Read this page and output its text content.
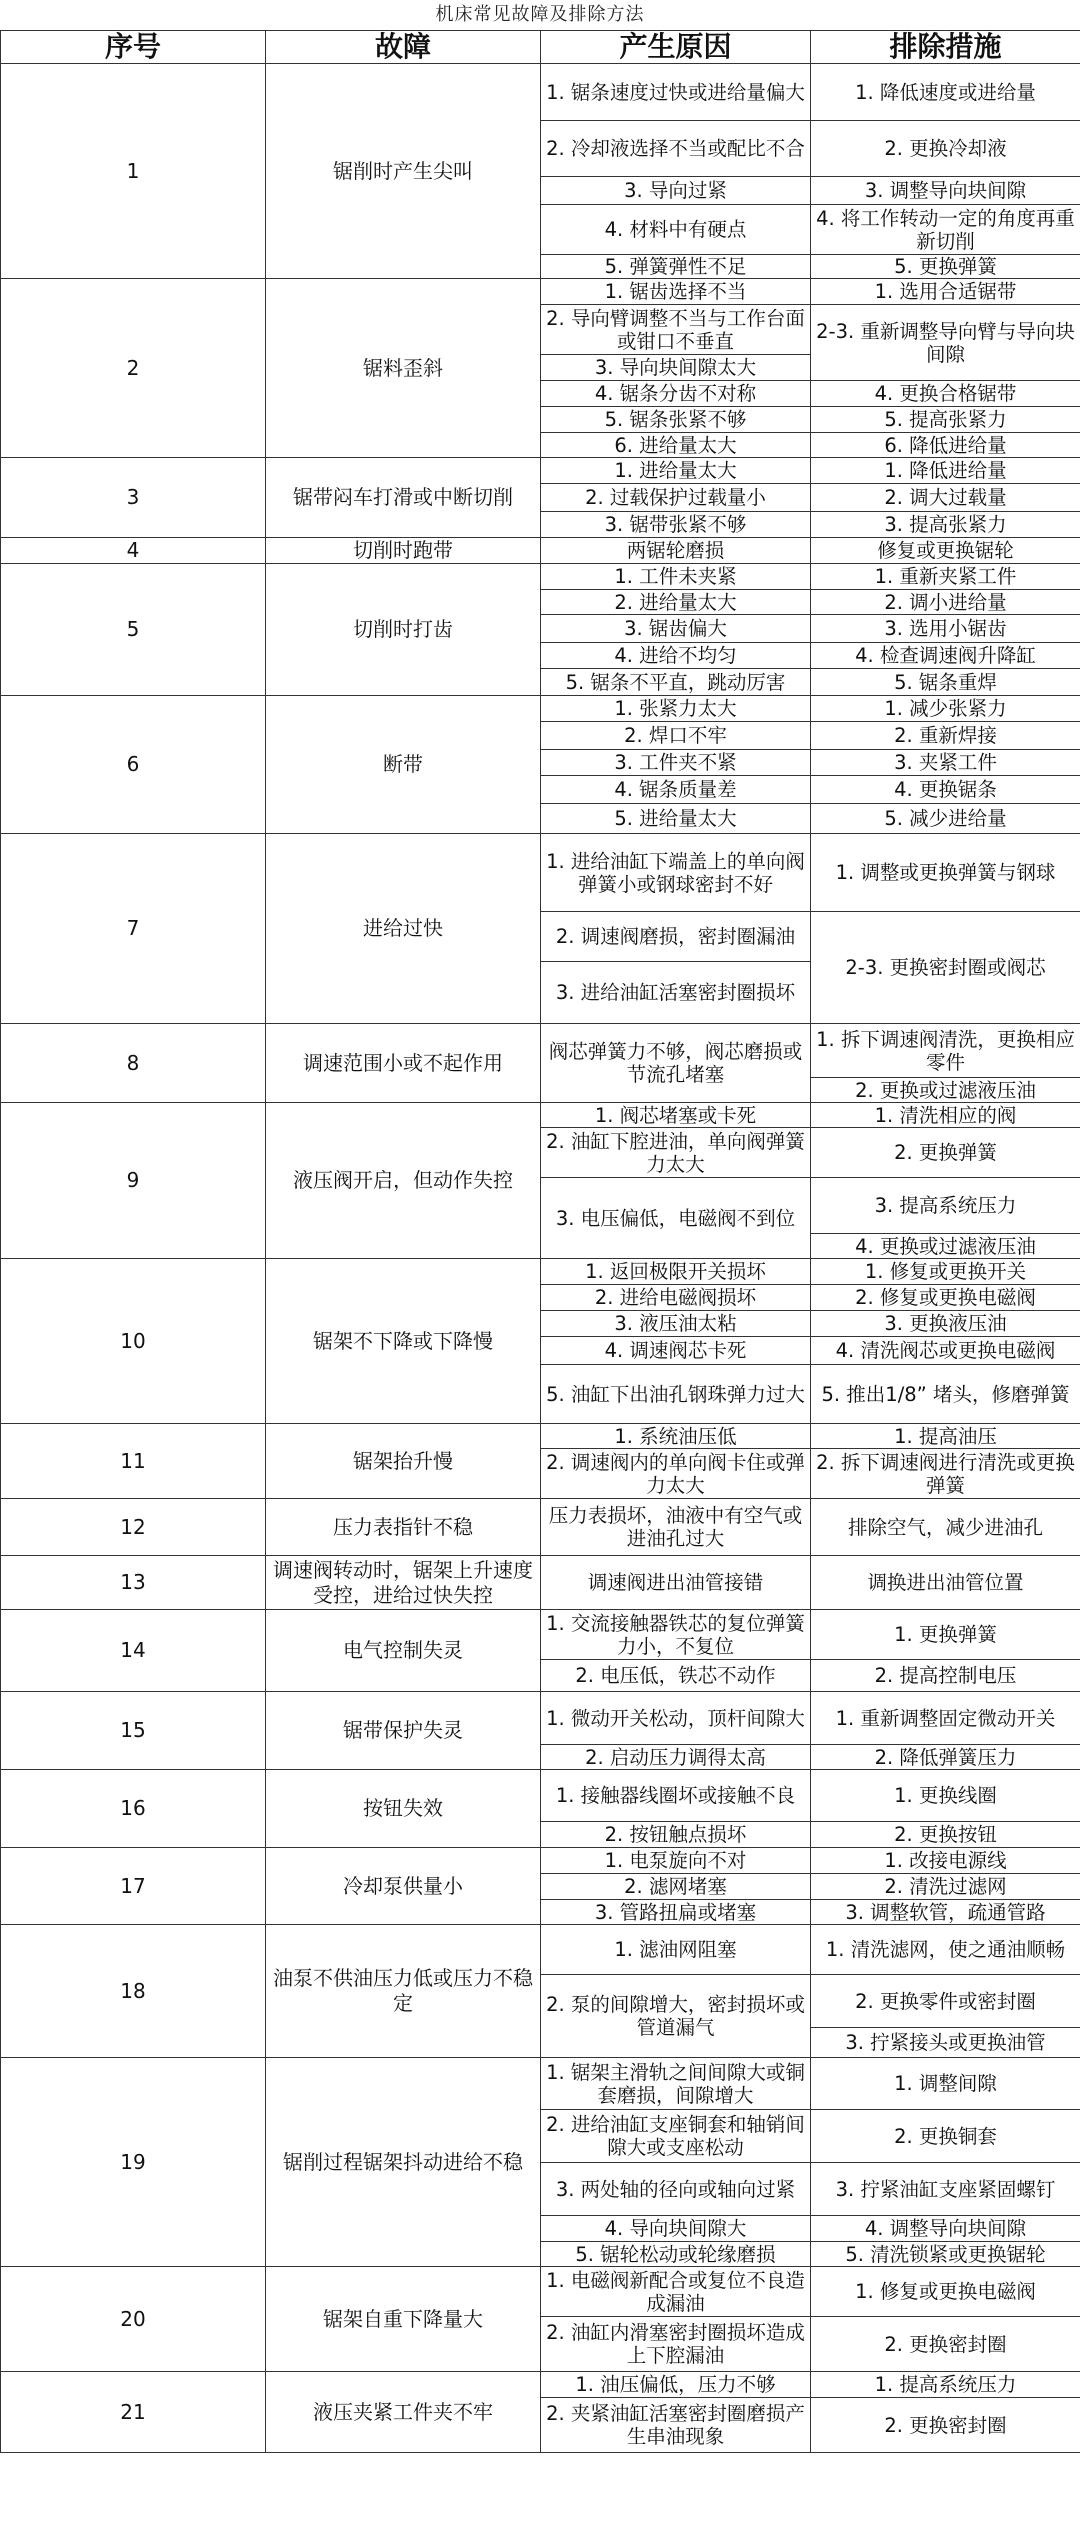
机床常见故障及排除方法
序号	故障	产生原因	排除措施
1	锯削时产生尖叫	1. 锯条速度过快或进给量偏大	1. 降低速度或进给量
		2. 冷却液选择不当或配比不合	2. 更换冷却液
		3. 导向过紧	3. 调整导向块间隙
		4. 材料中有硬点	4. 将工作转动一定的角度再重新切削
		5. 弹簧弹性不足	5. 更换弹簧
2	锯料歪斜	1. 锯齿选择不当	1. 选用合适锯带
		2. 导向臂调整不当与工作台面或钳口不垂直	2-3. 重新调整导向臂与导向块间隙
		3. 导向块间隙太大	
		4. 锯条分齿不对称	4. 更换合格锯带
		5. 锯条张紧不够	5. 提高张紧力
		6. 进给量太大	6. 降低进给量
3	锯带闷车打滑或中断切削	1. 进给量太大	1. 降低进给量
		2. 过载保护过载量小	2. 调大过载量
		3. 锯带张紧不够	3. 提高张紧力
4	切削时跑带	两锯轮磨损	修复或更换锯轮
5	切削时打齿	1. 工件未夹紧	1. 重新夹紧工件
		2. 进给量太大	2. 调小进给量
		3. 锯齿偏大	3. 选用小锯齿
		4. 进给不均匀	4. 检查调速阀升降缸
		5. 锯条不平直，跳动厉害	5. 锯条重焊
6	断带	1. 张紧力太大	1. 减少张紧力
		2. 焊口不牢	2. 重新焊接
		3. 工件夹不紧	3. 夹紧工件
		4. 锯条质量差	4. 更换锯条
		5. 进给量太大	5. 减少进给量
7	进给过快	1. 进给油缸下端盖上的单向阀弹簧小或钢球密封不好	1. 调整或更换弹簧与钢球
		2. 调速阀磨损，密封圈漏油	2-3. 更换密封圈或阀芯
		3. 进给油缸活塞密封圈损坏	
8	调速范围小或不起作用	阀芯弹簧力不够，阀芯磨损或节流孔堵塞	1. 拆下调速阀清洗，更换相应零件
			2. 更换或过滤液压油
9	液压阀开启，但动作失控	1. 阀芯堵塞或卡死	1. 清洗相应的阀
		2. 油缸下腔进油，单向阀弹簧力太大	2. 更换弹簧
		3. 电压偏低，电磁阀不到位	3. 提高系统压力
			4. 更换或过滤液压油
10	锯架不下降或下降慢	1. 返回极限开关损坏	1. 修复或更换开关
		2. 进给电磁阀损坏	2. 修复或更换电磁阀
		3. 液压油太粘	3. 更换液压油
		4. 调速阀芯卡死	4. 清洗阀芯或更换电磁阀
		5. 油缸下出油孔钢珠弹力过大	5. 推出1/8” 堵头，修磨弹簧
11	锯架抬升慢	1. 系统油压低	1. 提高油压
		2. 调速阀内的单向阀卡住或弹力太大	2. 拆下调速阀进行清洗或更换弹簧
12	压力表指针不稳	压力表损坏，油液中有空气或进油孔过大	排除空气，减少进油孔
13	调速阀转动时，锯架上升速度受控，进给过快失控	调速阀进出油管接错	调换进出油管位置
14	电气控制失灵	1. 交流接触器铁芯的复位弹簧力小，不复位	1. 更换弹簧
		2. 电压低，铁芯不动作	2. 提高控制电压
15	锯带保护失灵	1. 微动开关松动，顶杆间隙大	1. 重新调整固定微动开关
		2. 启动压力调得太高	2. 降低弹簧压力
16	按钮失效	1. 接触器线圈坏或接触不良	1. 更换线圈
		2. 按钮触点损坏	2. 更换按钮
17	冷却泵供量小	1. 电泵旋向不对	1. 改接电源线
		2. 滤网堵塞	2. 清洗过滤网
		3. 管路扭扁或堵塞	3. 调整软管，疏通管路
18	油泵不供油压力低或压力不稳定	1. 滤油网阻塞	1. 清洗滤网，使之通油顺畅
		2. 泵的间隙增大，密封损坏或管道漏气	2. 更换零件或密封圈
			3. 拧紧接头或更换油管
19	锯削过程锯架抖动进给不稳	1. 锯架主滑轨之间间隙大或铜套磨损，间隙增大	1. 调整间隙
		2. 进给油缸支座铜套和轴销间隙大或支座松动	2. 更换铜套
		3. 两处轴的径向或轴向过紧	3. 拧紧油缸支座紧固螺钉
		4. 导向块间隙大	4. 调整导向块间隙
		5. 锯轮松动或轮缘磨损	5. 清洗锁紧或更换锯轮
20	锯架自重下降量大	1. 电磁阀新配合或复位不良造成漏油	1. 修复或更换电磁阀
		2. 油缸内滑塞密封圈损坏造成上下腔漏油	2. 更换密封圈
21	液压夹紧工件夹不牢	1. 油压偏低，压力不够	1. 提高系统压力
		2. 夹紧油缸活塞密封圈磨损产生串油现象	2. 更换密封圈
